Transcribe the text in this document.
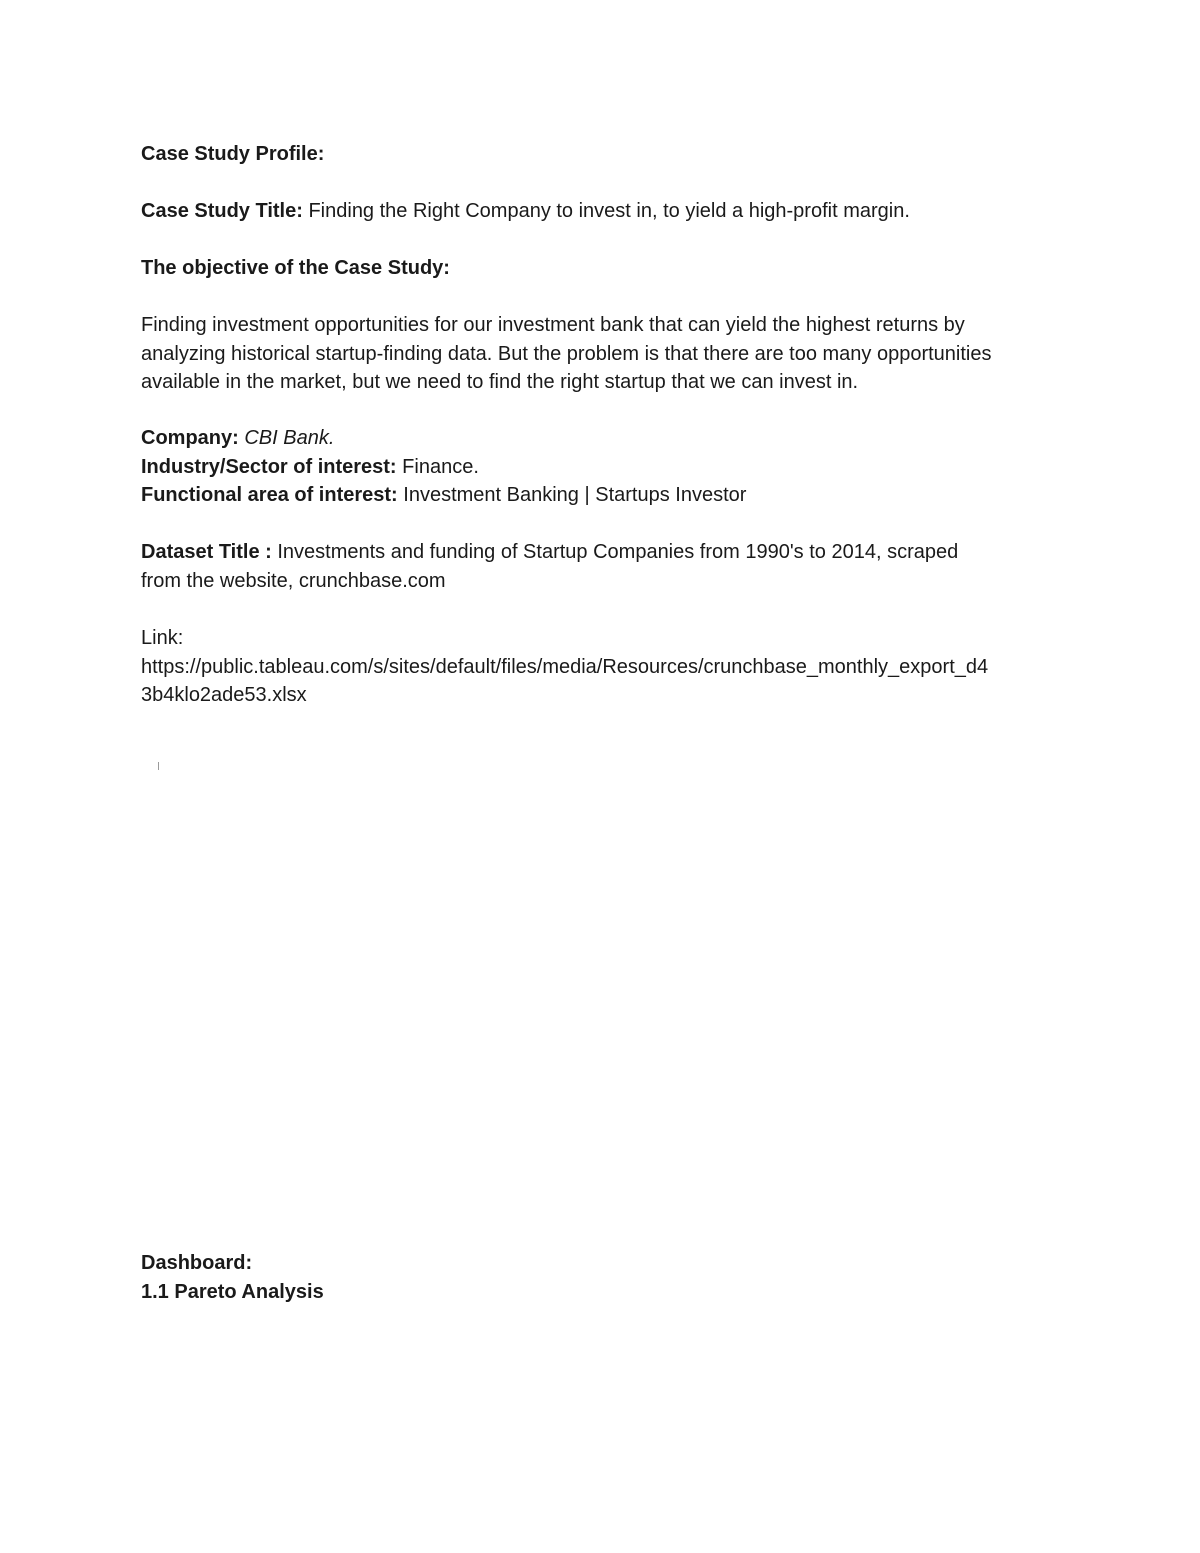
Case Study Profile:

Case Study Title: Finding the Right Company to invest in, to yield a high-profit margin.

The objective of the Case Study:

Finding investment opportunities for our investment bank that can yield the highest returns by
analyzing historical startup-finding data. But the problem is that there are too many opportunities
available in the market, but we need to find the right startup that we can invest in.

Company: CBI Bank.
Industry/Sector of interest: Finance.
Functional area of interest: Investment Banking | Startups Investor

Dataset Title : Investments and funding of Startup Companies from 1990's to 2014, scraped
from the website, crunchbase.com

Link:
https://public.tableau.com/s/sites/default/files/media/Resources/crunchbase_monthly_export_d4
3b4klo2ade53.xlsx

Dashboard:
1.1 Pareto Analysis
